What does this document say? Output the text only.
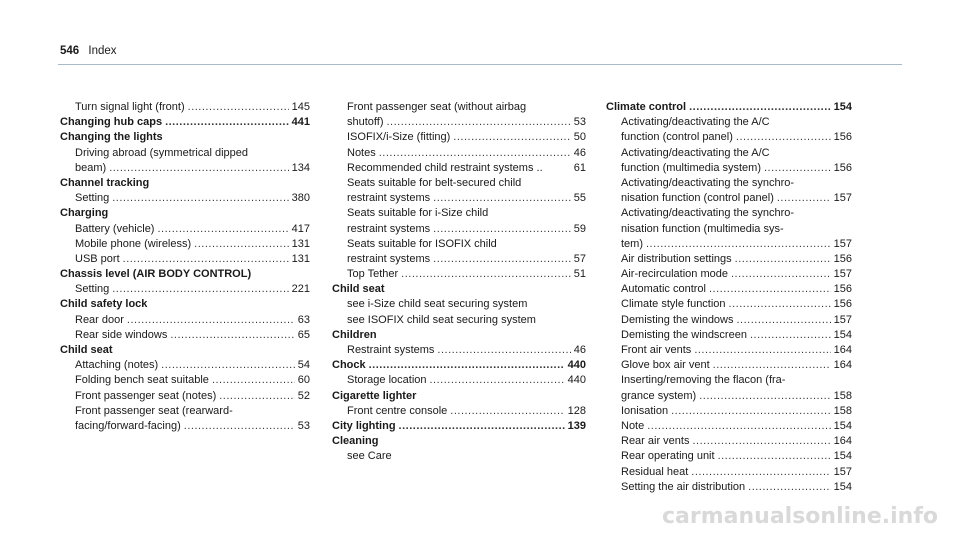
546 Index
Turn signal light (front) .....	145
Changing hub caps .....	441
Changing the lights
Driving abroad (symmetrical dipped
beam) .....	134
Channel tracking
Setting .....	380
Charging
Battery (vehicle) .....	417
Mobile phone (wireless) .....	131
USB port .....	131
Chassis level (AIR BODY CONTROL)
Setting .....	221
Child safety lock
Rear door .....	63
Rear side windows .....	65
Child seat
Attaching (notes) .....	54
Folding bench seat suitable .....	60
Front passenger seat (notes) .....	52
Front passenger seat (rearward-
facing/forward-facing) .....	53
Front passenger seat (without airbag
shutoff) .....	53
ISOFIX/i-Size (fitting) .....	50
Notes .....	46
Recommended child restraint systems ..	61
Seats suitable for belt-secured child
restraint systems .....	55
Seats suitable for i-Size child
restraint systems .....	59
Seats suitable for ISOFIX child
restraint systems .....	57
Top Tether .....	51
Child seat
see i-Size child seat securing system
see ISOFIX child seat securing system
Children
Restraint systems .....	46
Chock .....	440
Storage location .....	440
Cigarette lighter
Front centre console .....	128
City lighting .....	139
Cleaning
see Care
Climate control .....	154
Activating/deactivating the A/C
function (control panel) .....	156
Activating/deactivating the A/C
function (multimedia system) .....	156
Activating/deactivating the synchro-
nisation function (control panel) .....	157
Activating/deactivating the synchro-
nisation function (multimedia sys-
tem) .....	157
Air distribution settings .....	156
Air-recirculation mode .....	157
Automatic control .....	156
Climate style function .....	156
Demisting the windows .....	157
Demisting the windscreen .....	154
Front air vents .....	164
Glove box air vent .....	164
Inserting/removing the flacon (fra-
grance system) .....	158
Ionisation .....	158
Note .....	154
Rear air vents .....	164
Rear operating unit .....	154
Residual heat .....	157
Setting the air distribution .....	154
carmanualsonline.info
